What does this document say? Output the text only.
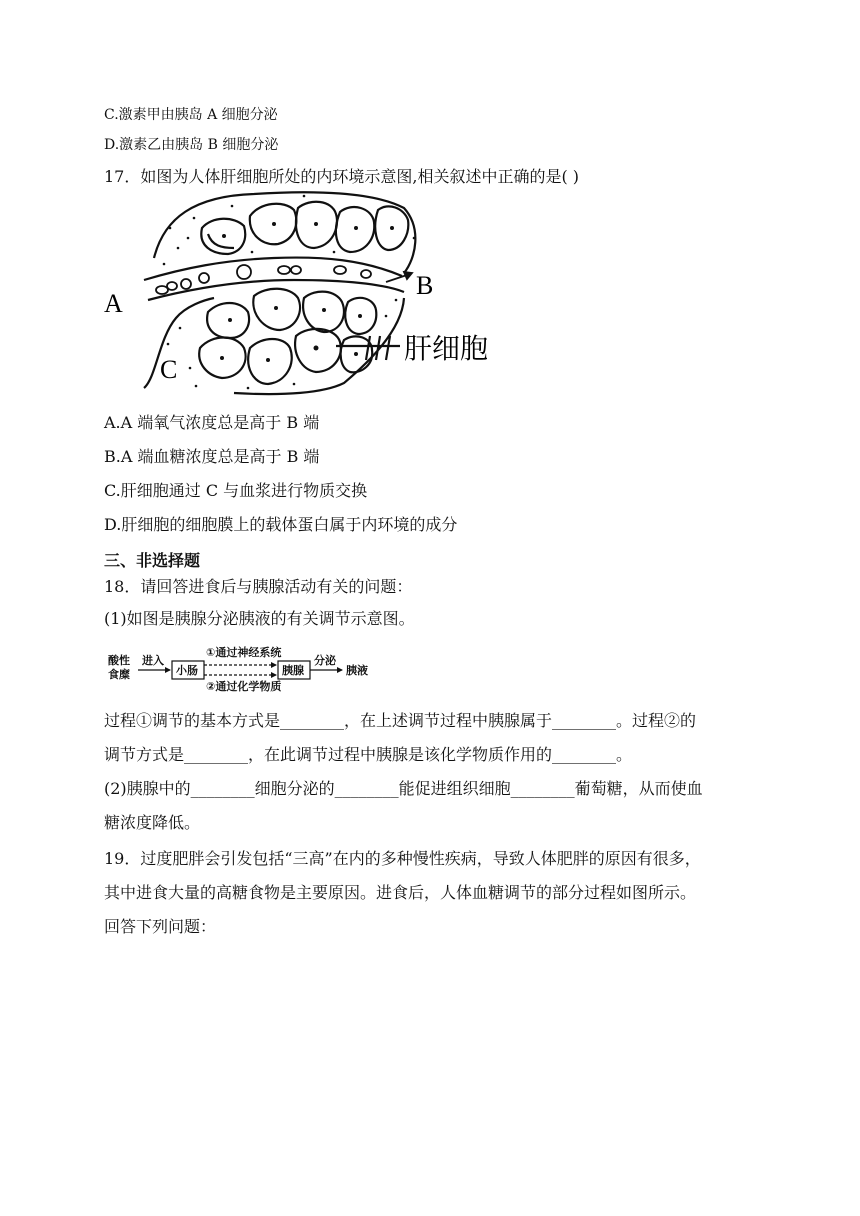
C.激素甲由胰岛 A 细胞分泌
D.激素乙由胰岛 B 细胞分泌
17．如图为人体肝细胞所处的内环境示意图,相关叙述中正确的是( )
A
B
C
肝细胞
A.A 端氧气浓度总是高于 B 端
B.A 端血糖浓度总是高于 B 端
C.肝细胞通过 C 与血浆进行物质交换
D.肝细胞的细胞膜上的载体蛋白属于内环境的成分
三、非选择题
18．请回答进食后与胰腺活动有关的问题：
(1)如图是胰腺分泌胰液的有关调节示意图。
酸性
食糜
进入
小肠
①通过神经系统
②通过化学物质
胰腺
分泌
胰液
过程①调节的基本方式是________，在上述调节过程中胰腺属于________。过程②的
调节方式是________，在此调节过程中胰腺是该化学物质作用的________。
(2)胰腺中的________细胞分泌的________能促进组织细胞________葡萄糖，从而使血
糖浓度降低。
19．过度肥胖会引发包括“三高”在内的多种慢性疾病，导致人体肥胖的原因有很多，
其中进食大量的高糖食物是主要原因。进食后，人体血糖调节的部分过程如图所示。
回答下列问题：
